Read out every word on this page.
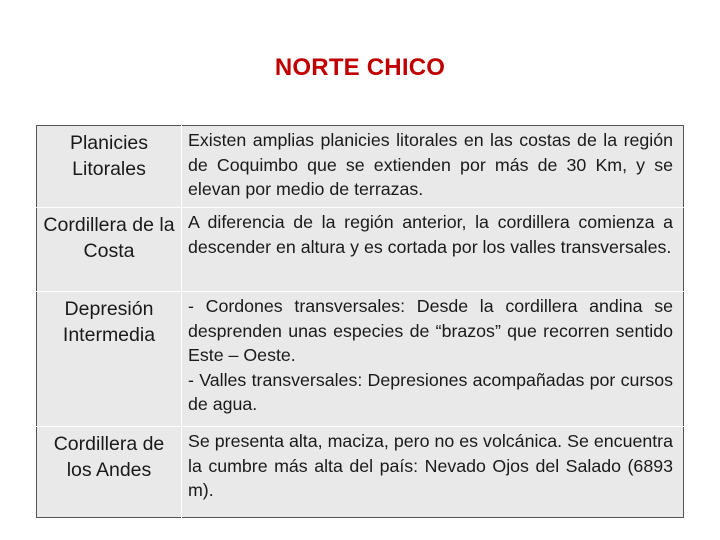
NORTE CHICO
Planicies Litorales	Existen amplias planicies litorales en las costas de la región de Coquimbo que se extienden por más de 30 Km, y se elevan por medio de terrazas.

Cordillera de la Costa	A diferencia de la región anterior, la cordillera comienza a descender en altura y es cortada por los valles transversales.

Depresión Intermedia	- Cordones transversales: Desde la cordillera andina se desprenden unas especies de “brazos” que recorren sentido Este – Oeste.

- Valles transversales: Depresiones acompañadas por cursos de agua.

Cordillera de los Andes	Se presenta alta, maciza, pero no es volcánica. Se encuentra la cumbre más alta del país: Nevado Ojos del Salado (6893 m).
